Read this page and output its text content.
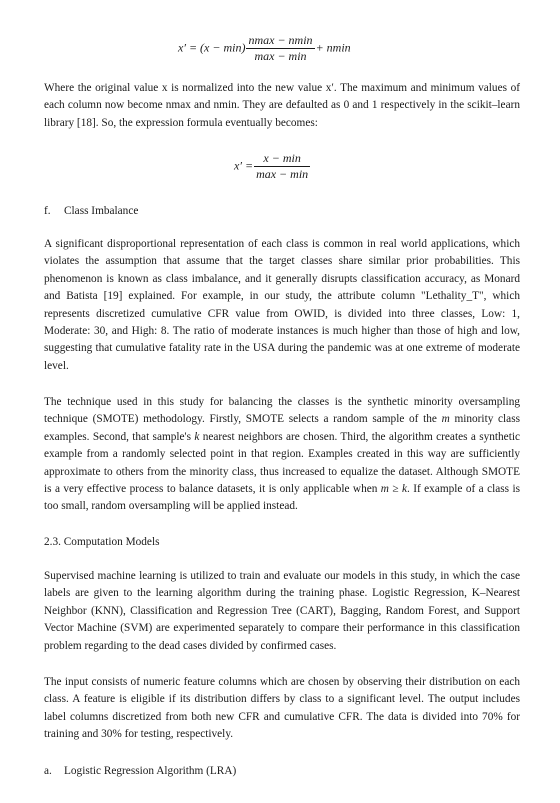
$x' = (x - \min) \frac{nmax - nmin}{\max - \min} + nmin$
Where the original value x is normalized into the new value x′. The maximum and minimum values of each column now become nmax and nmin. They are defaulted as 0 and 1 respectively in the scikit–learn library [18]. So, the expression formula eventually becomes:
$x' = \frac{x - \min}{\max - \min}$
f. Class Imbalance
A significant disproportional representation of each class is common in real world applications, which violates the assumption that assume that the target classes share similar prior probabilities. This phenomenon is known as class imbalance, and it generally disrupts classification accuracy, as Monard and Batista [19] explained. For example, in our study, the attribute column "Lethality_T", which represents discretized cumulative CFR value from OWID, is divided into three classes, Low: 1, Moderate: 30, and High: 8. The ratio of moderate instances is much higher than those of high and low, suggesting that cumulative fatality rate in the USA during the pandemic was at one extreme of moderate level.
The technique used in this study for balancing the classes is the synthetic minority oversampling technique (SMOTE) methodology. Firstly, SMOTE selects a random sample of the m minority class examples. Second, that sample's k nearest neighbors are chosen. Third, the algorithm creates a synthetic example from a randomly selected point in that region. Examples created in this way are sufficiently approximate to others from the minority class, thus increased to equalize the dataset. Although SMOTE is a very effective process to balance datasets, it is only applicable when m ≥ k. If example of a class is too small, random oversampling will be applied instead.
2.3. Computation Models
Supervised machine learning is utilized to train and evaluate our models in this study, in which the case labels are given to the learning algorithm during the training phase. Logistic Regression, K–Nearest Neighbor (KNN), Classification and Regression Tree (CART), Bagging, Random Forest, and Support Vector Machine (SVM) are experimented separately to compare their performance in this classification problem regarding to the dead cases divided by confirmed cases.
The input consists of numeric feature columns which are chosen by observing their distribution on each class. A feature is eligible if its distribution differs by class to a significant level. The output includes label columns discretized from both new CFR and cumulative CFR. The data is divided into 70% for training and 30% for testing, respectively.
a. Logistic Regression Algorithm (LRA)
